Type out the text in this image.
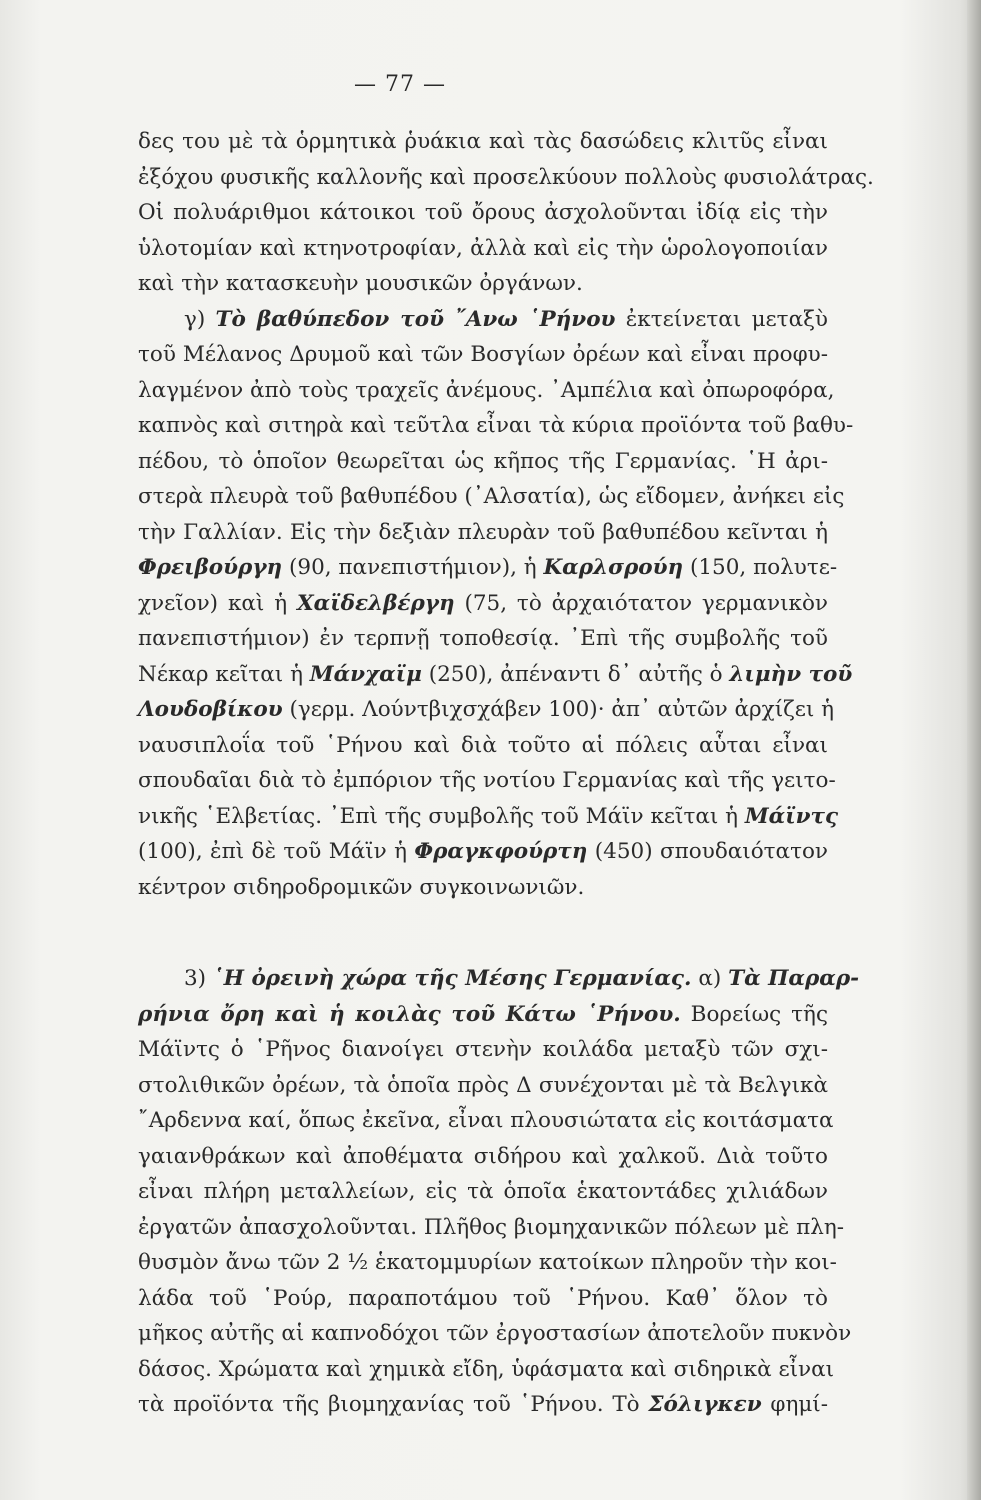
— 77 —
δες του μὲ τὰ ὁρμητικὰ ῥυάκια καὶ τὰς δασώδεις κλιτῦς εἶναι
ἐξόχου φυσικῆς καλλονῆς καὶ προσελκύουν πολλοὺς φυσιολάτρας.
Οἱ πολυάριθμοι κάτοικοι τοῦ ὄρους ἀσχολοῦνται ἰδίᾳ εἰς τὴν
ὑλοτομίαν καὶ κτηνοτροφίαν, ἀλλὰ καὶ εἰς τὴν ὡρολογοποιίαν
καὶ τὴν κατασκευὴν μουσικῶν ὀργάνων.
γ) Τὸ βαθύπεδον τοῦ ῎Ανω ῾Ρήνου ἐκτείνεται μεταξὺ
τοῦ Μέλανος Δρυμοῦ καὶ τῶν Βοσγίων ὀρέων καὶ εἶναι προφυ-
λαγμένον ἀπὸ τοὺς τραχεῖς ἀνέμους. ᾿Αμπέλια καὶ ὀπωροφόρα,
καπνὸς καὶ σιτηρὰ καὶ τεῦτλα εἶναι τὰ κύρια προϊόντα τοῦ βαθυ-
πέδου, τὸ ὁποῖον θεωρεῖται ὡς κῆπος τῆς Γερμανίας. ῾Η ἀρι-
στερὰ πλευρὰ τοῦ βαθυπέδου (᾿Αλσατία), ὡς εἴδομεν, ἀνήκει εἰς
τὴν Γαλλίαν. Εἰς τὴν δεξιὰν πλευρὰν τοῦ βαθυπέδου κεῖνται ἡ
Φρειβούργη (90, πανεπιστήμιον), ἡ Καρλσρούη (150, πολυτε-
χνεῖον) καὶ ἡ Χαϊδελβέργη (75, τὸ ἀρχαιότατον γερμανικὸν
πανεπιστήμιον) ἐν τερπνῇ τοποθεσίᾳ. ᾿Επὶ τῆς συμβολῆς τοῦ
Νέκαρ κεῖται ἡ Μάνχαϊμ (250), ἀπέναντι δ᾿ αὐτῆς ὁ λιμὴν τοῦ
Λουδοβίκου (γερμ. Λούντβιχσχάβεν 100)· ἀπ᾿ αὐτῶν ἀρχίζει ἡ
ναυσιπλοΐα τοῦ ῾Ρήνου καὶ διὰ τοῦτο αἱ πόλεις αὗται εἶναι
σπουδαῖαι διὰ τὸ ἐμπόριον τῆς νοτίου Γερμανίας καὶ τῆς γειτο-
νικῆς ῾Ελβετίας. ᾿Επὶ τῆς συμβολῆς τοῦ Μάϊν κεῖται ἡ Μάϊντς
(100), ἐπὶ δὲ τοῦ Μάϊν ἡ Φραγκφούρτη (450) σπουδαιότατον
κέντρον σιδηροδρομικῶν συγκοινωνιῶν.
3) ῾Η ὀρεινὴ χώρα τῆς Μέσης Γερμανίας. α) Τὰ Παραρ-
ρήνια ὄρη καὶ ἡ κοιλὰς τοῦ Κάτω ῾Ρήνου. Βορείως τῆς
Μάϊντς ὁ ῾Ρῆνος διανοίγει στενὴν κοιλάδα μεταξὺ τῶν σχι-
στολιθικῶν ὀρέων, τὰ ὁποῖα πρὸς Δ συνέχονται μὲ τὰ Βελγικὰ
῎Αρδεννα καί, ὅπως ἐκεῖνα, εἶναι πλουσιώτατα εἰς κοιτάσματα
γαιανθράκων καὶ ἀποθέματα σιδήρου καὶ χαλκοῦ. Διὰ τοῦτο
εἶναι πλήρη μεταλλείων, εἰς τὰ ὁποῖα ἑκατοντάδες χιλιάδων
ἐργατῶν ἀπασχολοῦνται. Πλῆθος βιομηχανικῶν πόλεων μὲ πλη-
θυσμὸν ἄνω τῶν 2 ½ ἑκατομμυρίων κατοίκων πληροῦν τὴν κοι-
λάδα τοῦ ῾Ρούρ, παραποτάμου τοῦ ῾Ρήνου. Καθ᾿ ὅλον τὸ
μῆκος αὐτῆς αἱ καπνοδόχοι τῶν ἐργοστασίων ἀποτελοῦν πυκνὸν
δάσος. Χρώματα καὶ χημικὰ εἴδη, ὑφάσματα καὶ σιδηρικὰ εἶναι
τὰ προϊόντα τῆς βιομηχανίας τοῦ ῾Ρήνου. Τὸ Σόλιγκεν φημί-
